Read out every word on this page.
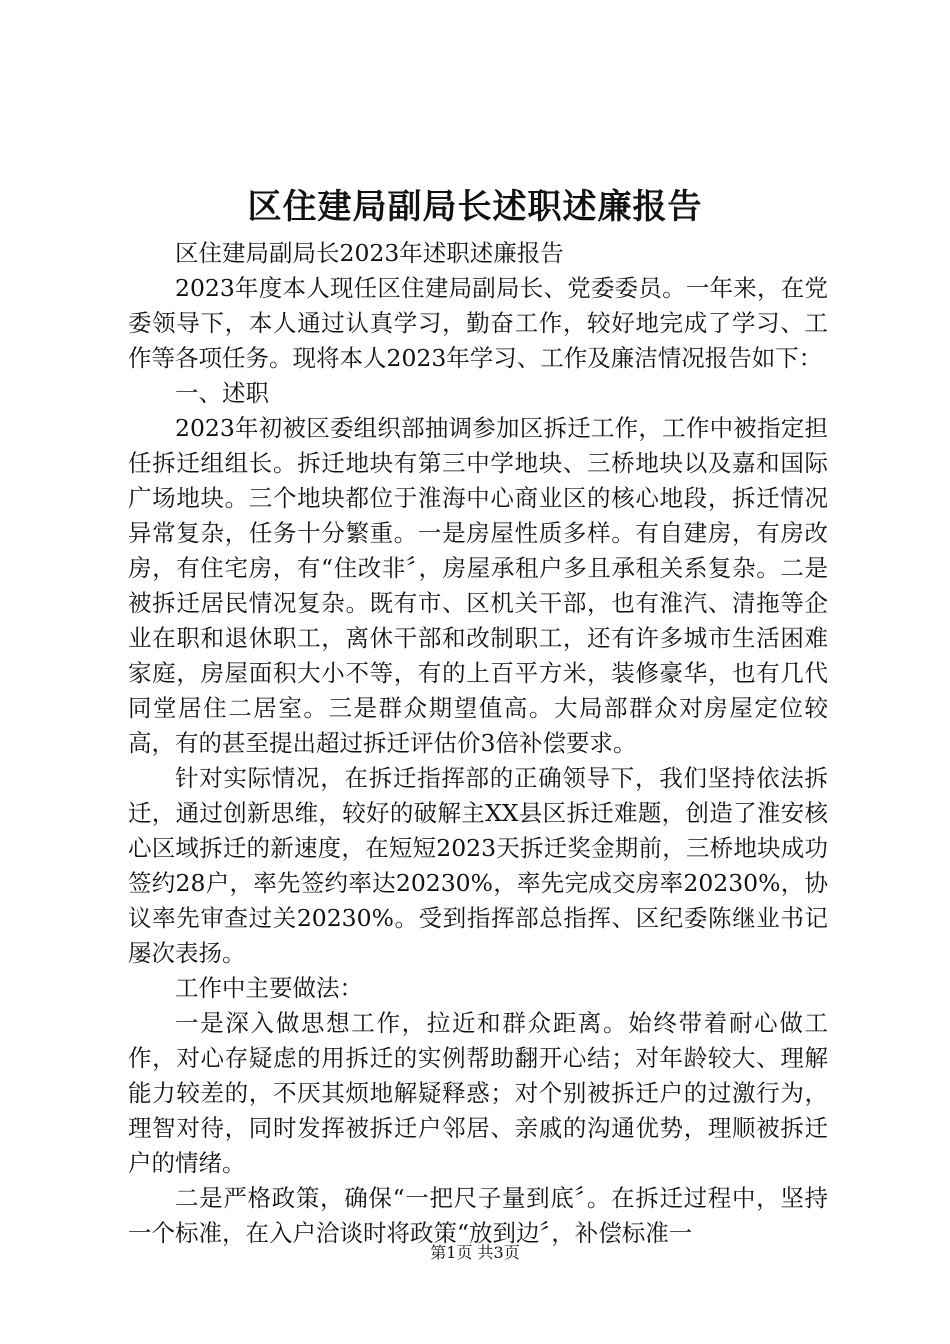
区住建局副局长述职述廉报告

区住建局副局长2023年述职述廉报告

2023年度本人现任区住建局副局长、党委委员。一年来，在党委领导下，本人通过认真学习，勤奋工作，较好地完成了学习、工作等各项任务。现将本人2023年学习、工作及廉洁情况报告如下：

一、述职

2023年初被区委组织部抽调参加区拆迁工作，工作中被指定担任拆迁组组长。拆迁地块有第三中学地块、三桥地块以及嘉和国际广场地块。三个地块都位于淮海中心商业区的核心地段，拆迁情况异常复杂，任务十分繁重。一是房屋性质多样。有自建房，有房改房，有住宅房，有“住改非〞，房屋承租户多且承租关系复杂。二是被拆迁居民情况复杂。既有市、区机关干部，也有淮汽、清拖等企业在职和退休职工，离休干部和改制职工，还有许多城市生活困难家庭，房屋面积大小不等，有的上百平方米，装修豪华，也有几代同堂居住二居室。三是群众期望值高。大局部群众对房屋定位较高，有的甚至提出超过拆迁评估价3倍补偿要求。

针对实际情况，在拆迁指挥部的正确领导下，我们坚持依法拆迁，通过创新思维，较好的破解主XX县区拆迁难题，创造了淮安核心区域拆迁的新速度，在短短2023天拆迁奖金期前，三桥地块成功签约28户，率先签约率达20230%，率先完成交房率20230%，协议率先审查过关20230%。受到指挥部总指挥、区纪委陈继业书记屡次表扬。

工作中主要做法：

一是深入做思想工作，拉近和群众距离。始终带着耐心做工作，对心存疑虑的用拆迁的实例帮助翻开心结；对年龄较大、理解能力较差的，不厌其烦地解疑释惑；对个别被拆迁户的过激行为，理智对待，同时发挥被拆迁户邻居、亲戚的沟通优势，理顺被拆迁户的情绪。

二是严格政策，确保“一把尺子量到底〞。在拆迁过程中，坚持一个标准，在入户洽谈时将政策“放到边〞，补偿标准一

第1页 共3页
